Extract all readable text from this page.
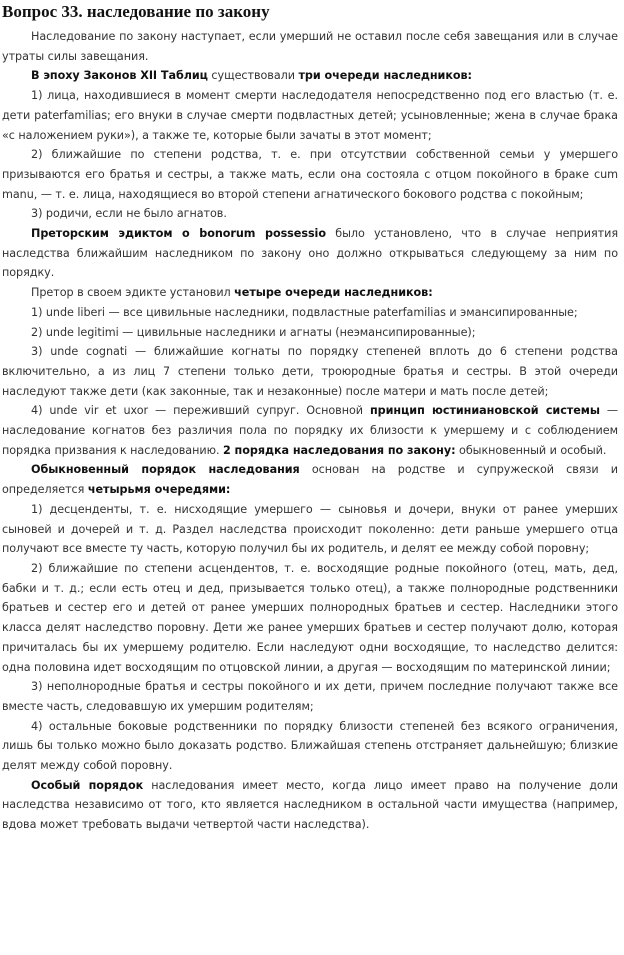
Вопрос 33. наследование по закону

Наследование по закону наступает, если умерший не оставил после себя завещания или в случае утраты силы завещания.

В эпоху Законов XII Таблиц существовали три очереди наследников:

1) лица, находившиеся в момент смерти наследодателя непосредственно под его властью (т. е. дети paterfamilias; его внуки в случае смерти подвластных детей; усыновленные; жена в случае брака «с наложением руки»), а также те, которые были зачаты в этот момент;

2) ближайшие по степени родства, т. е. при отсутствии собственной семьи у умершего призываются его братья и сестры, а также мать, если она состояла с отцом покойного в браке cum manu, — т. е. лица, находящиеся во второй степени агнатического бокового родства с покойным;

3) родичи, если не было агнатов.

Преторским эдиктом о bonorum possessio было установлено, что в случае неприятия наследства ближайшим наследником по закону оно должно открываться следующему за ним по порядку.

Претор в своем эдикте установил четыре очереди наследников:

1) unde liberi — все цивильные наследники, подвластные paterfamilias и эмансипированные;

2) unde legitimi — цивильные наследники и агнаты (неэмансипированные);

3) unde cognati — ближайшие когнаты по порядку степеней вплоть до 6 степени родства включительно, а из лиц 7 степени только дети, троюродные братья и сестры. В этой очереди наследуют также дети (как законные, так и незаконные) после матери и мать после детей;

4) unde vir et uxor — переживший супруг. Основной принцип юстиниановской системы — наследование когнатов без различия пола по порядку их близости к умершему и с соблюдением порядка призвания к наследованию. 2 порядка наследования по закону: обыкновенный и особый.

Обыкновенный порядок наследования основан на родстве и супружеской связи и определяется четырьмя очередями:

1) десценденты, т. е. нисходящие умершего — сыновья и дочери, внуки от ранее умерших сыновей и дочерей и т. д. Раздел наследства происходит поколенно: дети раньше умершего отца получают все вместе ту часть, которую получил бы их родитель, и делят ее между собой поровну;

2) ближайшие по степени асцендентов, т. е. восходящие родные покойного (отец, мать, дед, бабки и т. д.; если есть отец и дед, призывается только отец), а также полнородные родственники братьев и сестер его и детей от ранее умерших полнородных братьев и сестер. Наследники этого класса делят наследство поровну. Дети же ранее умерших братьев и сестер получают долю, которая причиталась бы их умершему родителю. Если наследуют одни восходящие, то наследство делится: одна половина идет восходящим по отцовской линии, а другая — восходящим по материнской линии;

3) неполнородные братья и сестры покойного и их дети, причем последние получают также все вместе часть, следовавшую их умершим родителям;

4) остальные боковые родственники по порядку близости степеней без всякого ограничения, лишь бы только можно было доказать родство. Ближайшая степень отстраняет дальнейшую; близкие делят между собой поровну.

Особый порядок наследования имеет место, когда лицо имеет право на получение доли наследства независимо от того, кто является наследником в остальной части имущества (например, вдова может требовать выдачи четвертой части наследства).
